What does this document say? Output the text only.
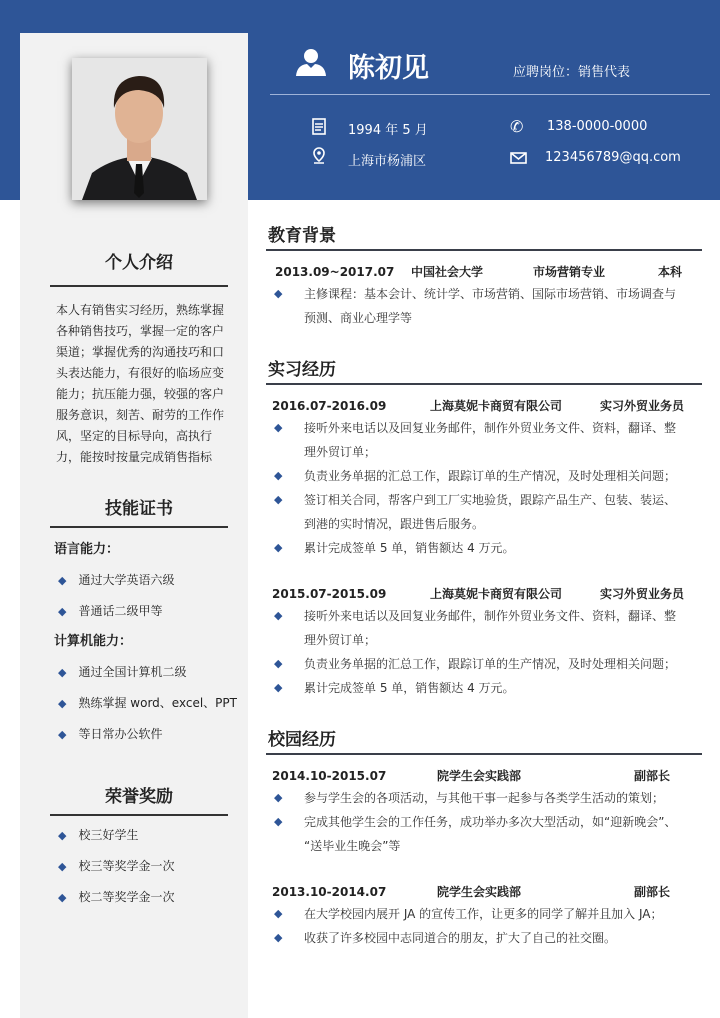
陈初见	应聘岗位：销售代表
1994 年 5 月
上海市杨浦区
✆ 138-0000-0000
123456789@qq.com
个人介绍
本人有销售实习经历，熟练掌握各种销售技巧，掌握一定的客户渠道；掌握优秀的沟通技巧和口头表达能力，有很好的临场应变能力；抗压能力强，较强的客户服务意识，刻苦、耐劳的工作作风，坚定的目标导向，高执行力，能按时按量完成销售指标
技能证书
语言能力：
◆ 通过大学英语六级
◆ 普通话二级甲等
计算机能力：
◆ 通过全国计算机二级
◆ 熟练掌握 word、excel、PPT
◆ 等日常办公软件
荣誉奖励
◆ 校三好学生
◆ 校三等奖学金一次
◆ 校二等奖学金一次
教育背景
2013.09~2017.07 中国社会大学	市场营销专业	本科
◆ 主修课程：基本会计、统计学、市场营销、国际市场营销、市场调查与
预测、商业心理学等
实习经历
2016.07-2016.09	上海莫妮卡商贸有限公司	实习外贸业务员
◆ 接听外来电话以及回复业务邮件，制作外贸业务文件、资料，翻译、整
理外贸订单；
◆ 负责业务单据的汇总工作，跟踪订单的生产情况，及时处理相关问题；
◆ 签订相关合同，帮客户到工厂实地验货，跟踪产品生产、包装、装运、
到港的实时情况，跟进售后服务。
◆ 累计完成签单 5 单，销售额达 4 万元。
2015.07-2015.09	上海莫妮卡商贸有限公司	实习外贸业务员
◆ 接听外来电话以及回复业务邮件，制作外贸业务文件、资料，翻译、整
理外贸订单；
◆ 负责业务单据的汇总工作，跟踪订单的生产情况，及时处理相关问题；
◆ 累计完成签单 5 单，销售额达 4 万元。
校园经历
2014.10-2015.07	院学生会实践部	副部长
◆ 参与学生会的各项活动，与其他干事一起参与各类学生活动的策划；
◆ 完成其他学生会的工作任务，成功举办多次大型活动，如“迎新晚会”、
“送毕业生晚会”等
2013.10-2014.07	院学生会实践部	副部长
◆ 在大学校园内展开 JA 的宣传工作，让更多的同学了解并且加入 JA；
◆ 收获了许多校园中志同道合的朋友，扩大了自己的社交圈。
